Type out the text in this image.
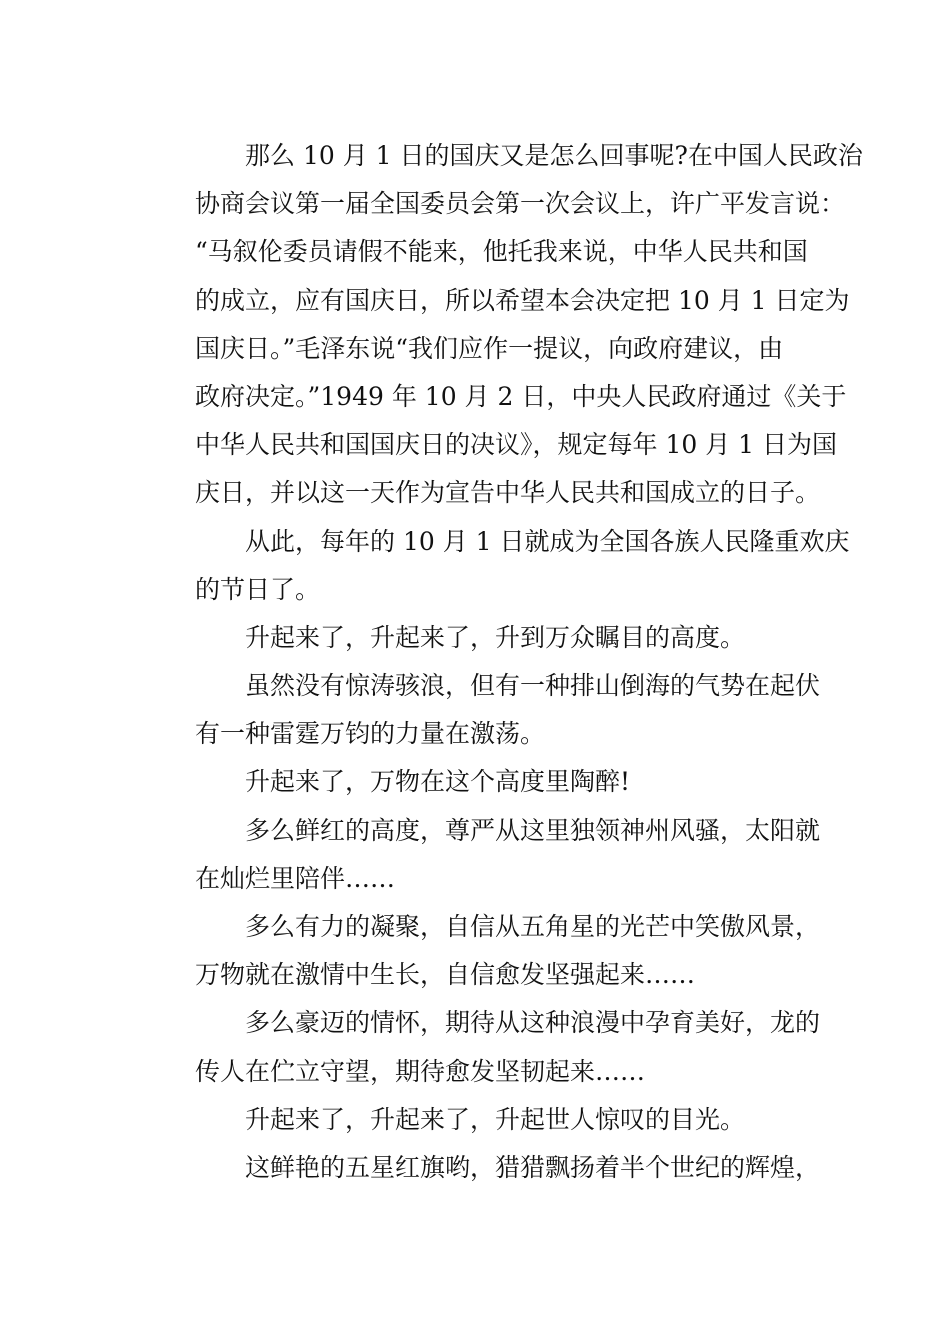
那么 10 月 1 日的国庆又是怎么回事呢?在中国人民政治
协商会议第一届全国委员会第一次会议上，许广平发言说：
“马叙伦委员请假不能来，他托我来说，中华人民共和国
的成立，应有国庆日，所以希望本会决定把 10 月 1 日定为
国庆日。”毛泽东说“我们应作一提议，向政府建议，由
政府决定。”1949 年 10 月 2 日，中央人民政府通过《关于
中华人民共和国国庆日的决议》，规定每年 10 月 1 日为国
庆日，并以这一天作为宣告中华人民共和国成立的日子。
从此，每年的 10 月 1 日就成为全国各族人民隆重欢庆
的节日了。
升起来了，升起来了，升到万众瞩目的高度。
虽然没有惊涛骇浪，但有一种排山倒海的气势在起伏
有一种雷霆万钧的力量在激荡。
升起来了，万物在这个高度里陶醉!
多么鲜红的高度，尊严从这里独领神州风骚，太阳就
在灿烂里陪伴……
多么有力的凝聚，自信从五角星的光芒中笑傲风景，
万物就在激情中生长，自信愈发坚强起来……
多么豪迈的情怀，期待从这种浪漫中孕育美好，龙的
传人在伫立守望，期待愈发坚韧起来……
升起来了，升起来了，升起世人惊叹的目光。
这鲜艳的五星红旗哟，猎猎飘扬着半个世纪的辉煌，
